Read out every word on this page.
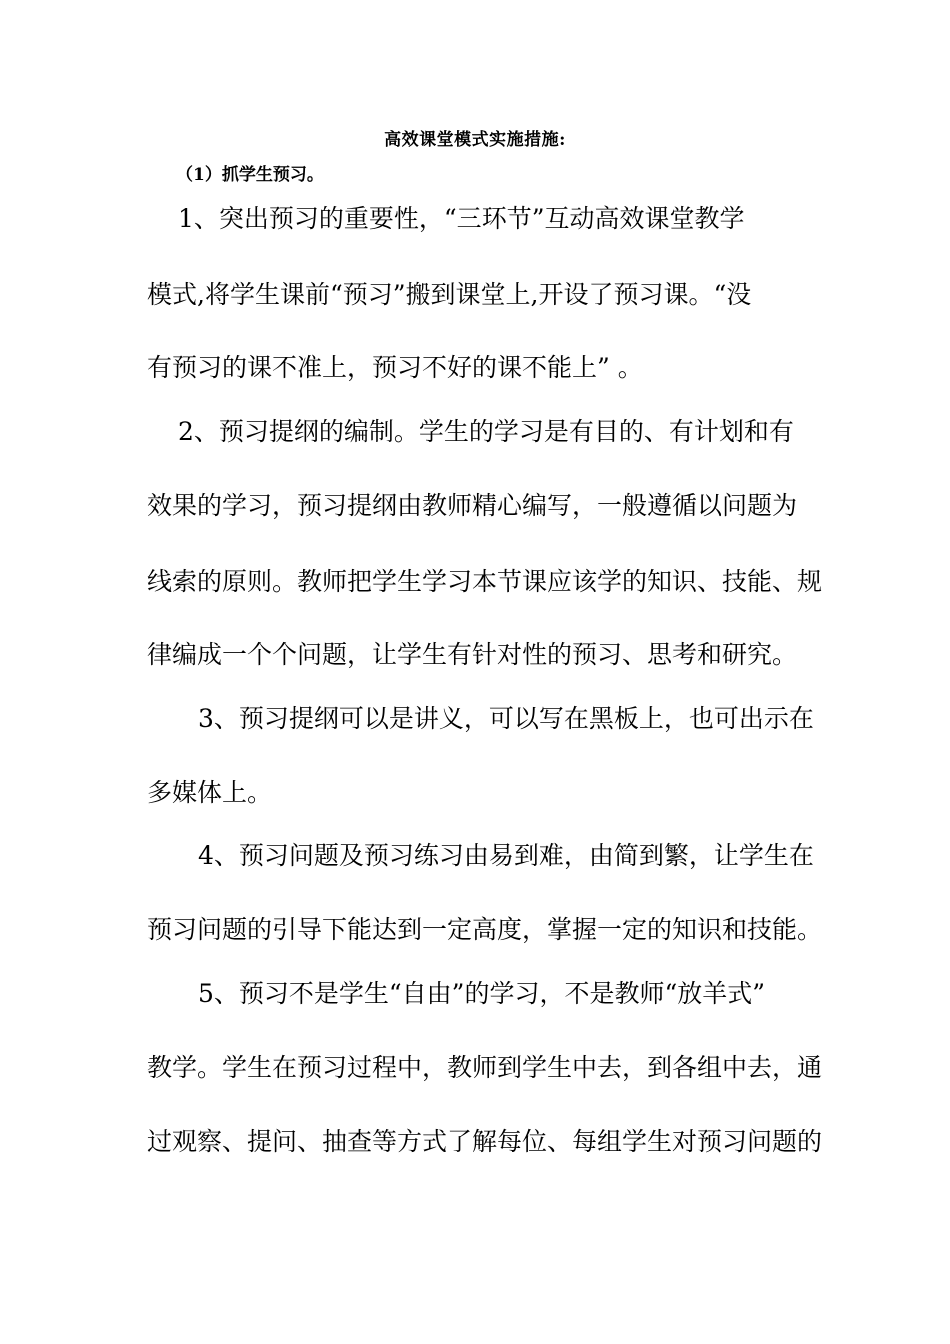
高效课堂模式实施措施:
（1）抓学生预习。
1、突出预习的重要性，“三环节”互动高效课堂教学
模式,将学生课前“预习”搬到课堂上,开设了预习课。“没
有预习的课不准上，预习不好的课不能上” 。
2、预习提纲的编制。学生的学习是有目的、有计划和有
效果的学习，预习提纲由教师精心编写，一般遵循以问题为
线索的原则。教师把学生学习本节课应该学的知识、技能、规
律编成一个个问题，让学生有针对性的预习、思考和研究。
3、预习提纲可以是讲义，可以写在黑板上，也可出示在
多媒体上。
4、预习问题及预习练习由易到难，由简到繁，让学生在
预习问题的引导下能达到一定高度，掌握一定的知识和技能。
5、预习不是学生“自由”的学习，不是教师“放羊式”
教学。学生在预习过程中，教师到学生中去，到各组中去，通
过观察、提问、抽查等方式了解每位、每组学生对预习问题的
